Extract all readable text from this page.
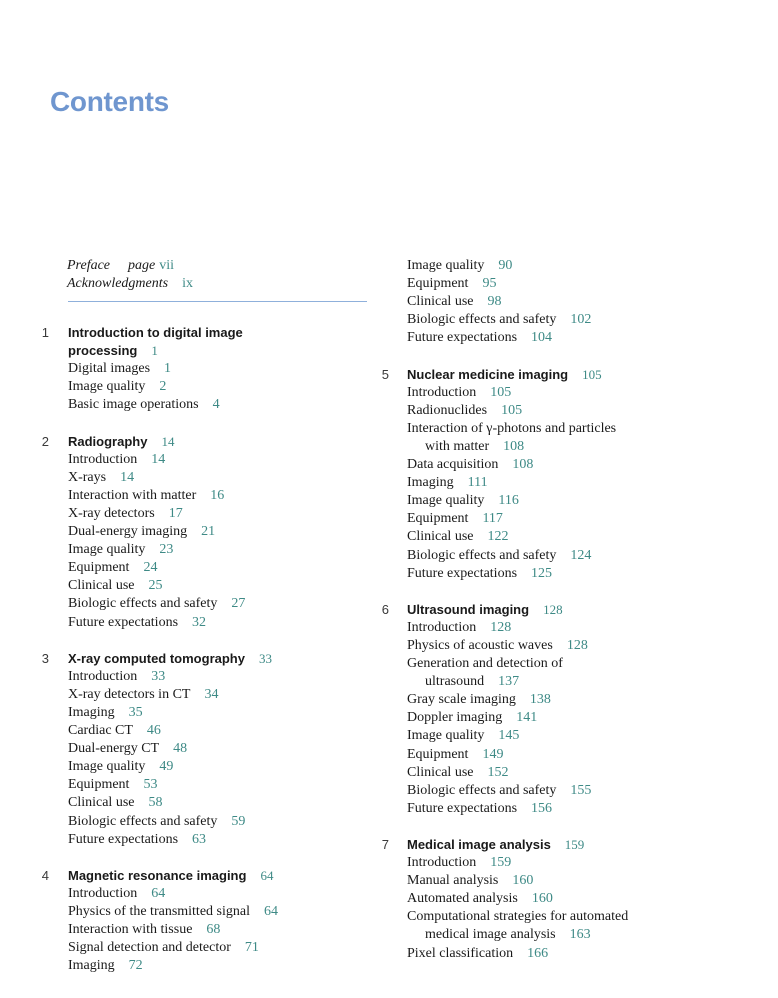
Contents
Preface page vii
Acknowledgments ix
1 Introduction to digital image
processing 1
Digital images 1
Image quality 2
Basic image operations 4
2 Radiography 14
Introduction 14
X-rays 14
Interaction with matter 16
X-ray detectors 17
Dual-energy imaging 21
Image quality 23
Equipment 24
Clinical use 25
Biologic effects and safety 27
Future expectations 32
3 X-ray computed tomography 33
Introduction 33
X-ray detectors in CT 34
Imaging 35
Cardiac CT 46
Dual-energy CT 48
Image quality 49
Equipment 53
Clinical use 58
Biologic effects and safety 59
Future expectations 63
4 Magnetic resonance imaging 64
Introduction 64
Physics of the transmitted signal 64
Interaction with tissue 68
Signal detection and detector 71
Imaging 72
Image quality 90
Equipment 95
Clinical use 98
Biologic effects and safety 102
Future expectations 104
5 Nuclear medicine imaging 105
Introduction 105
Radionuclides 105
Interaction of γ-photons and particles
with matter 108
Data acquisition 108
Imaging 111
Image quality 116
Equipment 117
Clinical use 122
Biologic effects and safety 124
Future expectations 125
6 Ultrasound imaging 128
Introduction 128
Physics of acoustic waves 128
Generation and detection of
ultrasound 137
Gray scale imaging 138
Doppler imaging 141
Image quality 145
Equipment 149
Clinical use 152
Biologic effects and safety 155
Future expectations 156
7 Medical image analysis 159
Introduction 159
Manual analysis 160
Automated analysis 160
Computational strategies for automated
medical image analysis 163
Pixel classification 166
